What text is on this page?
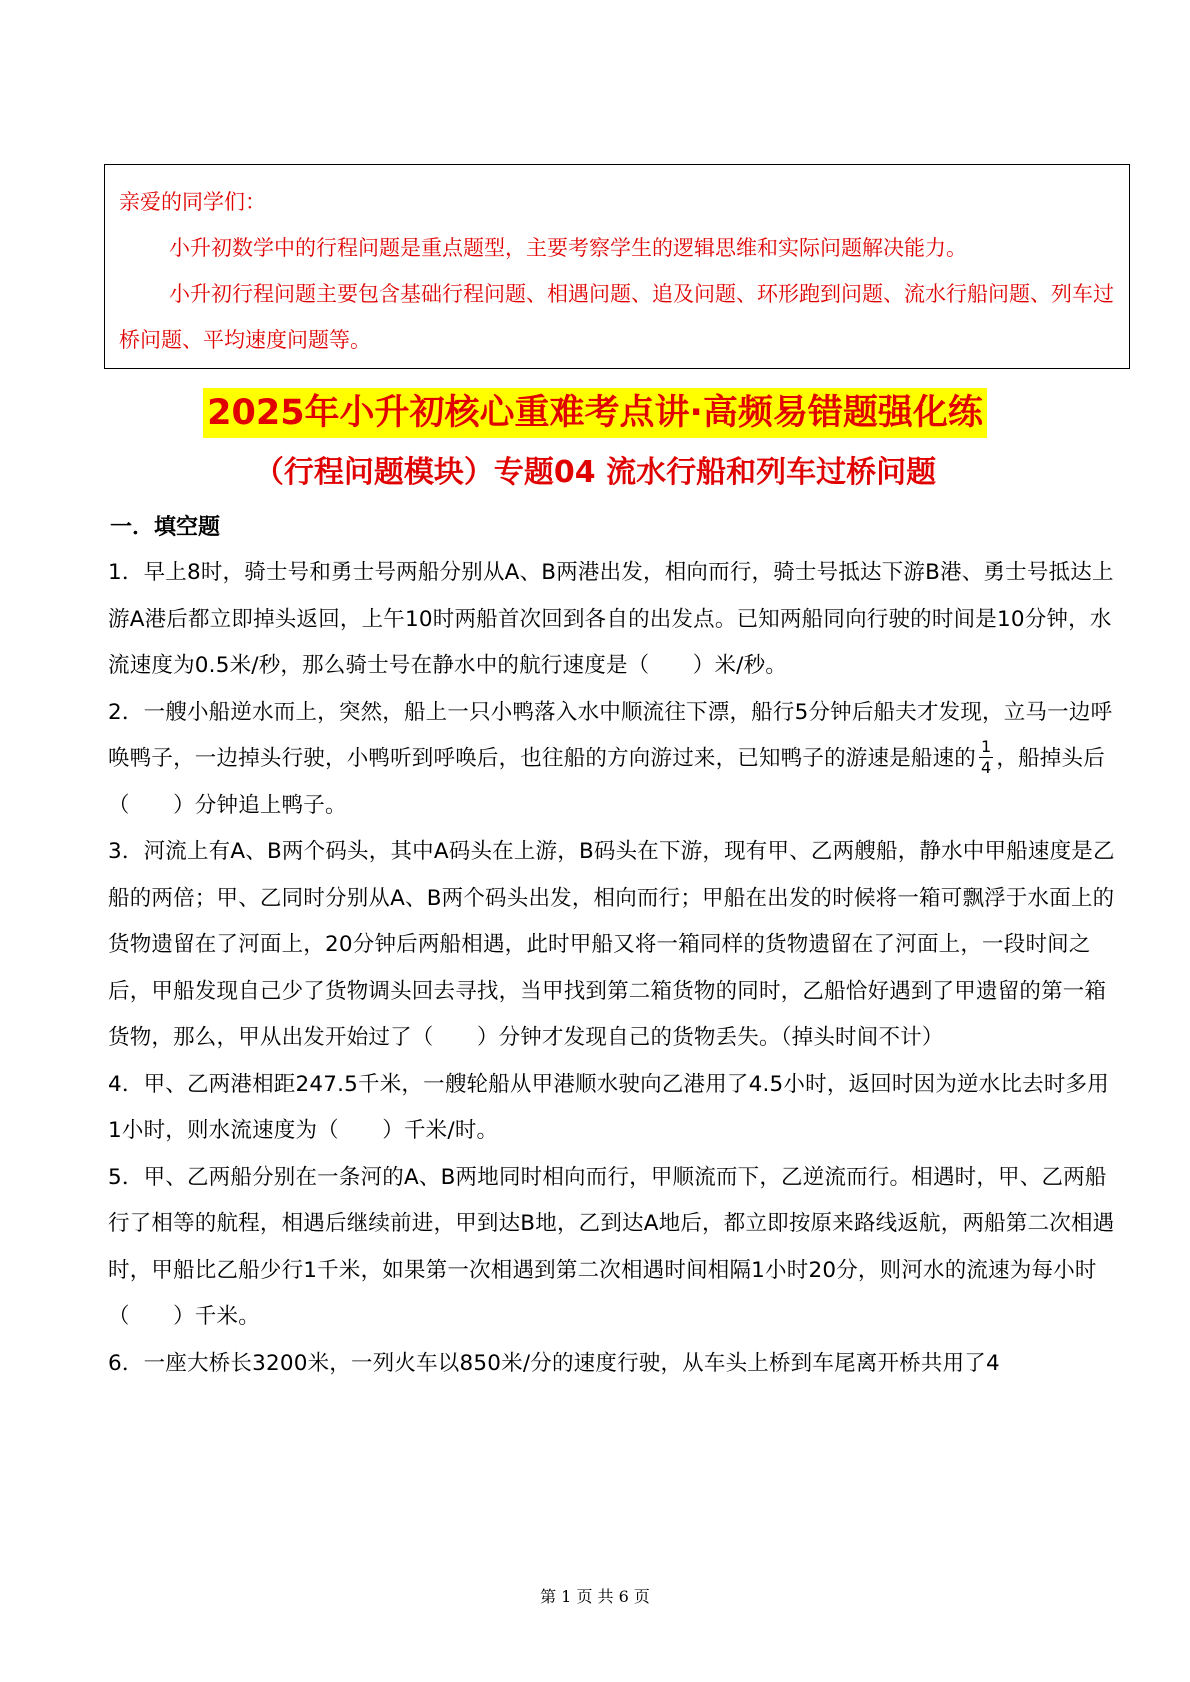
亲爱的同学们：

小升初数学中的行程问题是重点题型，主要考察学生的逻辑思维和实际问题解决能力。

小升初行程问题主要包含基础行程问题、相遇问题、追及问题、环形跑到问题、流水行船问题、列车过桥问题、平均速度问题等。

2025年小升初核心重难考点讲·高频易错题强化练
（行程问题模块）专题04 流水行船和列车过桥问题
一．填空题

1．早上8时，骑士号和勇士号两船分别从A、B两港出发，相向而行，骑士号抵达下游B港、勇士号抵达上游A港后都立即掉头返回，上午10时两船首次回到各自的出发点。已知两船同向行驶的时间是10分钟，水流速度为0.5米/秒，那么骑士号在静水中的航行速度是（　　）米/秒。

2．一艘小船逆水而上，突然，船上一只小鸭落入水中顺流往下漂，船行5分钟后船夫才发现，立马一边呼唤鸭子，一边掉头行驶，小鸭听到呼唤后，也往船的方向游过来，已知鸭子的游速是船速的 $\frac{1}{4}$ ，船掉头后（　　）分钟追上鸭子。

3．河流上有A、B两个码头，其中A码头在上游，B码头在下游，现有甲、乙两艘船，静水中甲船速度是乙船的两倍；甲、乙同时分别从A、B两个码头出发，相向而行；甲船在出发的时候将一箱可飘浮于水面上的货物遗留在了河面上，20分钟后两船相遇，此时甲船又将一箱同样的货物遗留在了河面上，一段时间之后，甲船发现自己少了货物调头回去寻找，当甲找到第二箱货物的同时，乙船恰好遇到了甲遗留的第一箱货物，那么，甲从出发开始过了（　　）分钟才发现自己的货物丢失。（掉头时间不计）

4．甲、乙两港相距247.5千米，一艘轮船从甲港顺水驶向乙港用了4.5小时，返回时因为逆水比去时多用1小时，则水流速度为（　　）千米/时。

5．甲、乙两船分别在一条河的A、B两地同时相向而行，甲顺流而下，乙逆流而行。相遇时，甲、乙两船行了相等的航程，相遇后继续前进，甲到达B地，乙到达A地后，都立即按原来路线返航，两船第二次相遇时，甲船比乙船少行1千米，如果第一次相遇到第二次相遇时间相隔1小时20分，则河水的流速为每小时（　　）千米。

6．一座大桥长3200米，一列火车以850米/分的速度行驶，从车头上桥到车尾离开桥共用了4

第 1 页 共 6 页
